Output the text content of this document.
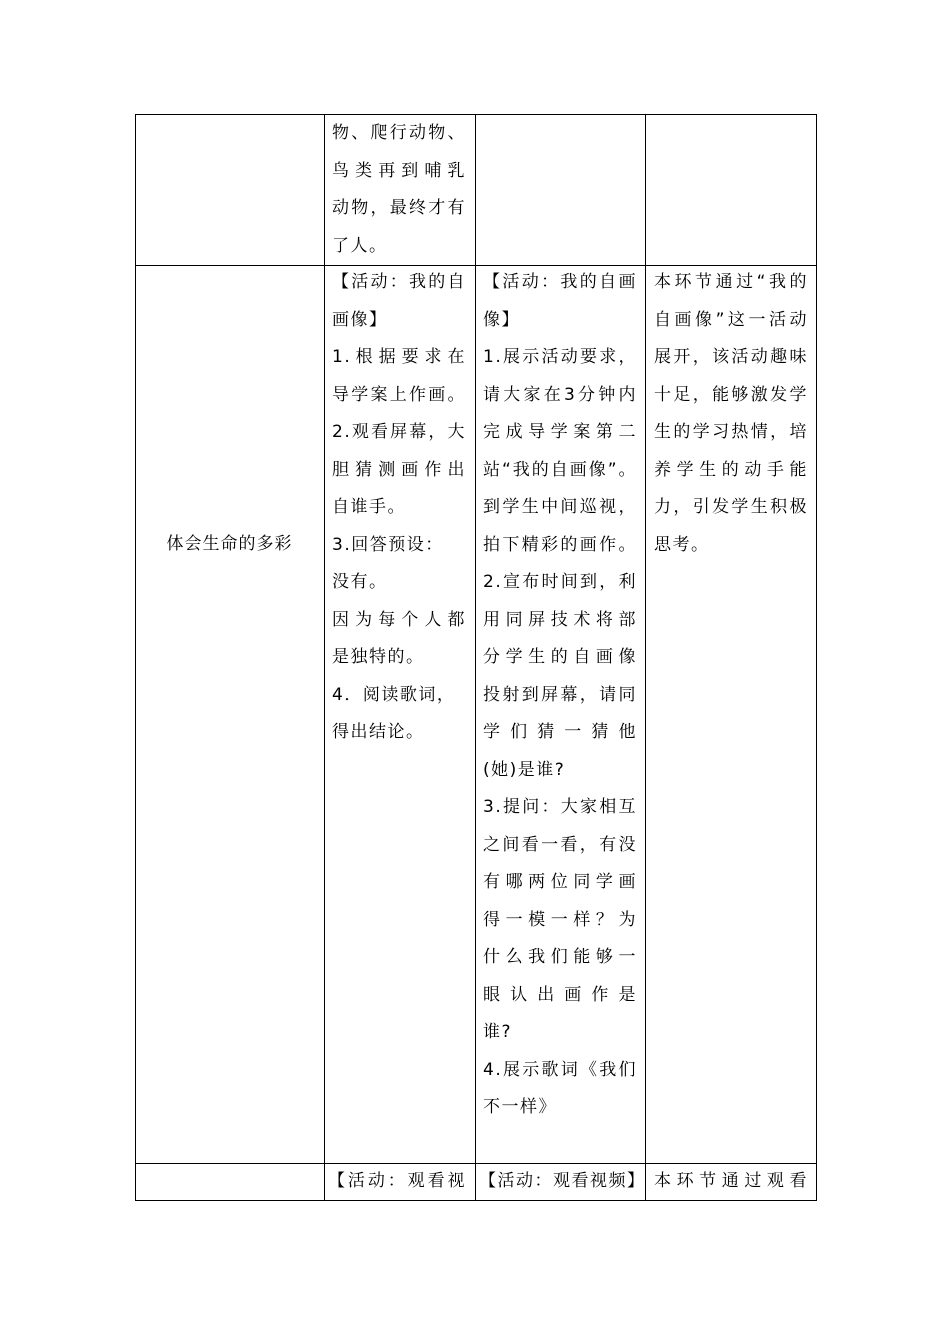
物、爬行动物、
鸟类再到哺乳
动物，最终才有
了人。
体会生命的多彩
【活动：我的自
画像】
1.根据要求在
导学案上作画。
2.观看屏幕，大
胆猜测画作出
自谁手。
3.回答预设：
没有。
因为每个人都
是独特的。
4．阅读歌词，
得出结论。
【活动：我的自画
像】
1.展示活动要求，
请大家在3分钟内
完成导学案第二
站“我的自画像”。
到学生中间巡视，
拍下精彩的画作。
2.宣布时间到，利
用同屏技术将部
分学生的自画像
投射到屏幕，请同
学们猜一猜他
(她)是谁?
3.提问：大家相互
之间看一看，有没
有哪两位同学画
得一模一样？为
什么我们能够一
眼认出画作是
谁?
4.展示歌词《我们
不一样》
本环节通过“我的
自画像”这一活动
展开，该活动趣味
十足，能够激发学
生的学习热情，培
养学生的动手能
力，引发学生积极
思考。
【活动：观看视 【活动：观看视频】 本环节通过观看
